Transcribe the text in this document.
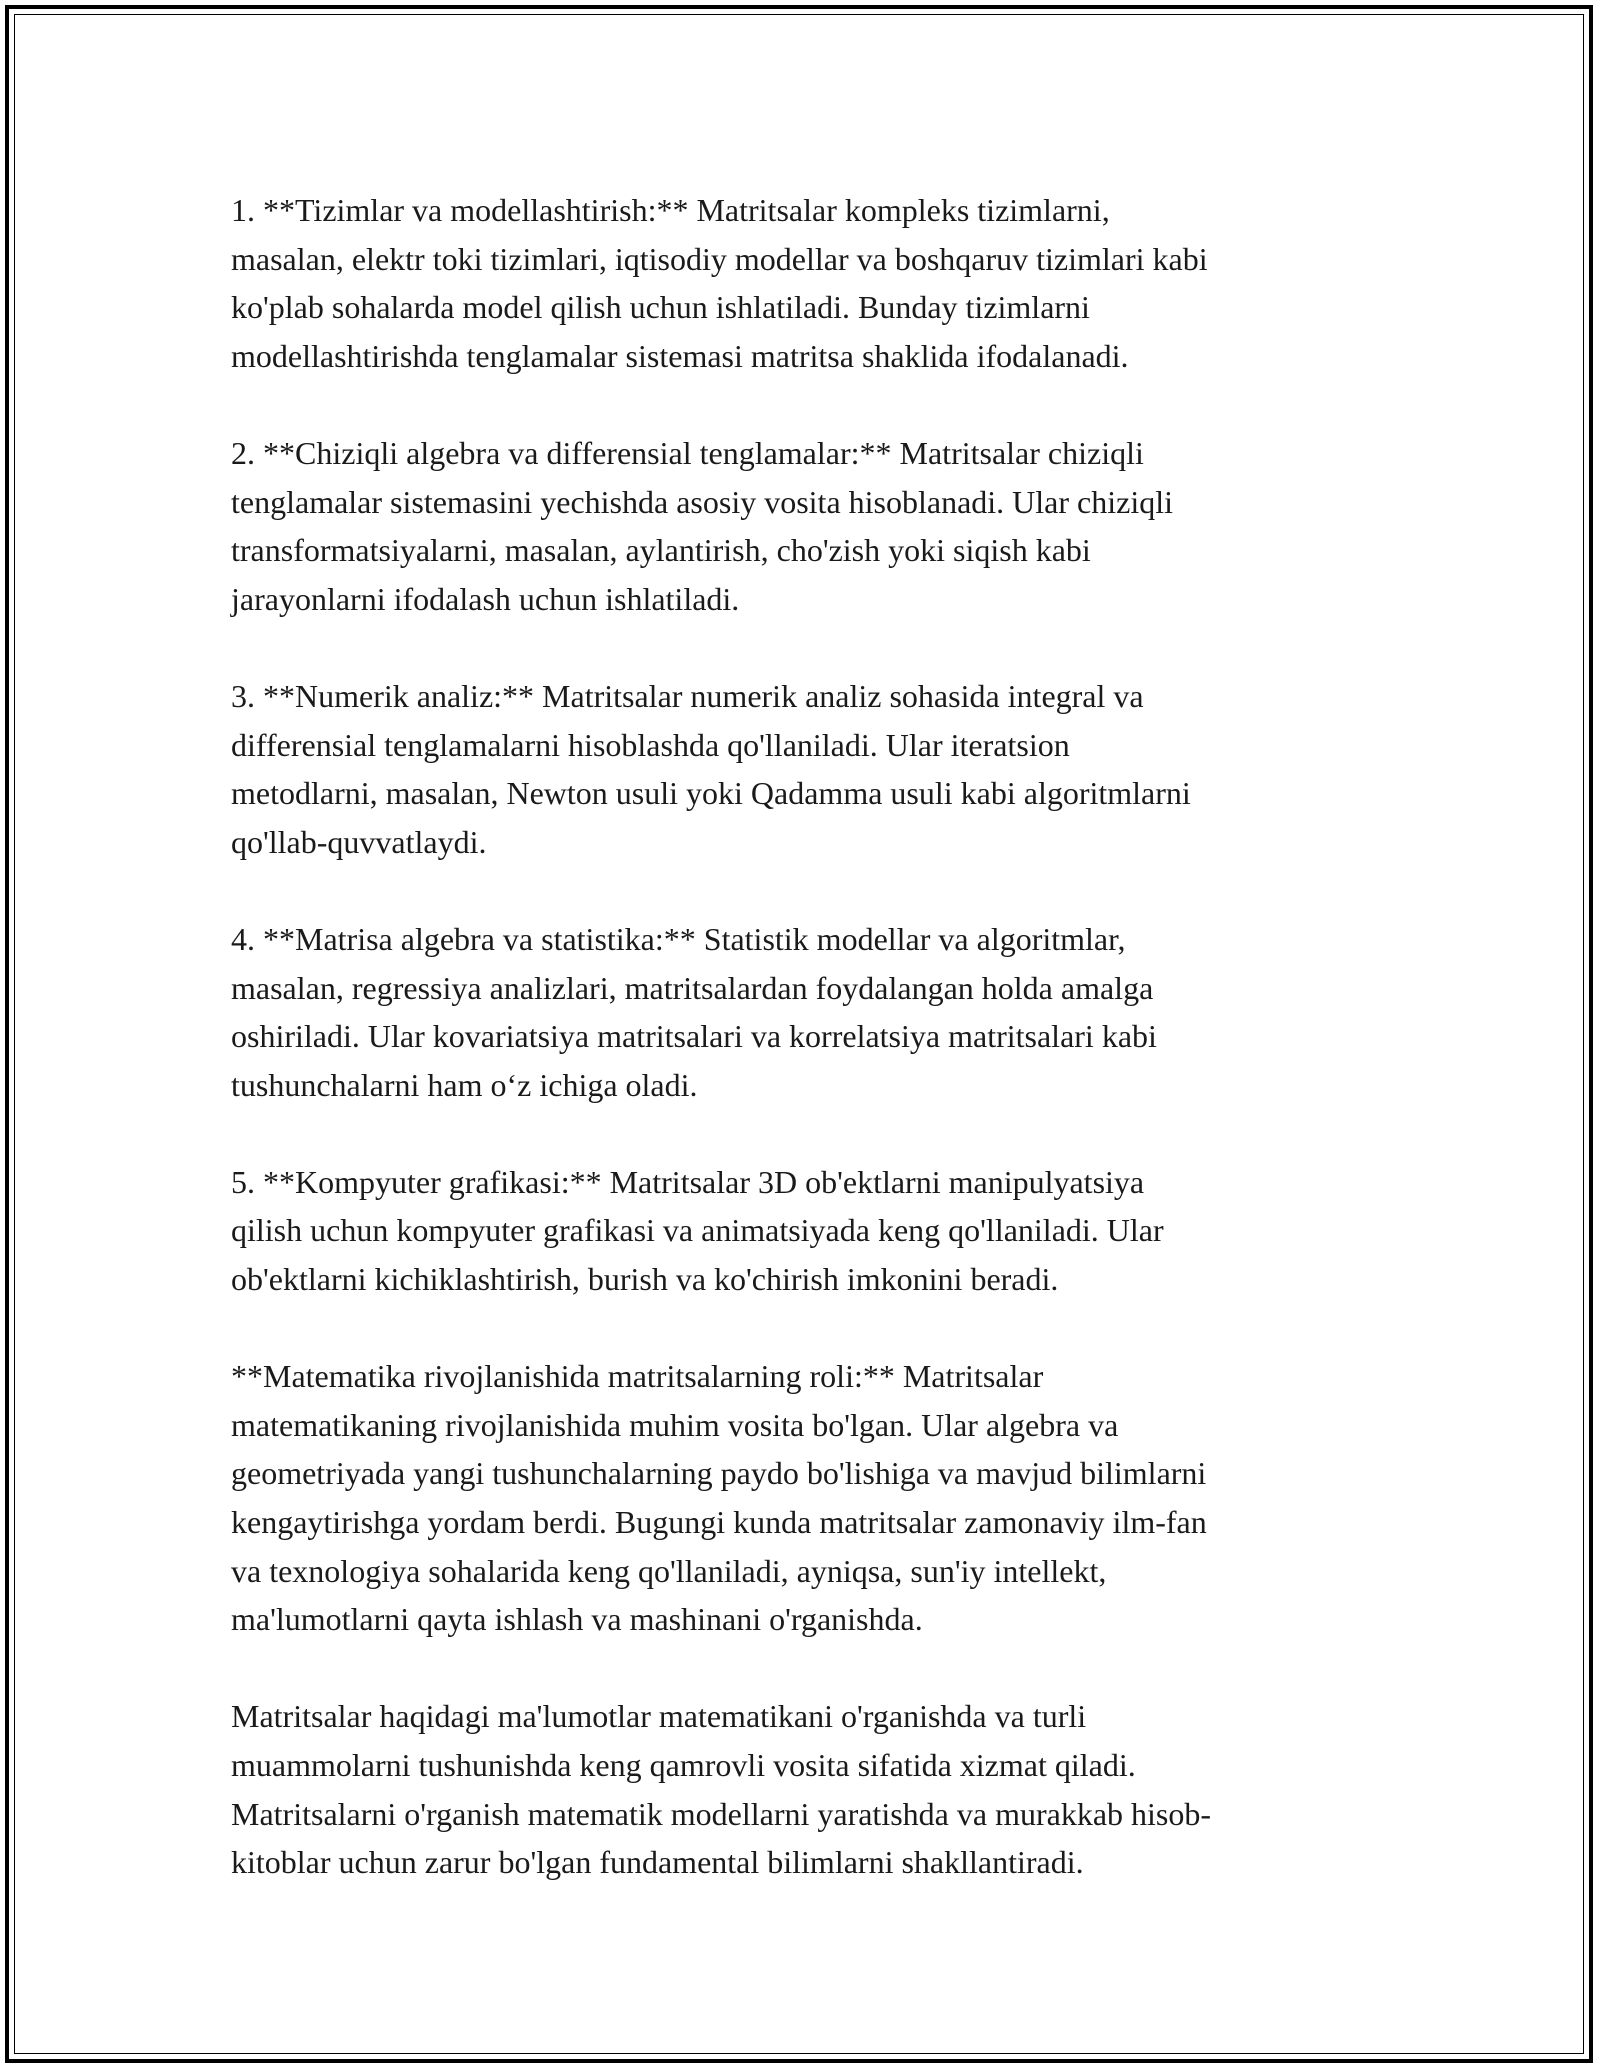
1. **Tizimlar va modellashtirish:** Matritsalar kompleks tizimlarni,
masalan, elektr toki tizimlari, iqtisodiy modellar va boshqaruv tizimlari kabi
ko'plab sohalarda model qilish uchun ishlatiladi. Bunday tizimlarni
modellashtirishda tenglamalar sistemasi matritsa shaklida ifodalanadi.

2. **Chiziqli algebra va differensial tenglamalar:** Matritsalar chiziqli
tenglamalar sistemasini yechishda asosiy vosita hisoblanadi. Ular chiziqli
transformatsiyalarni, masalan, aylantirish, cho'zish yoki siqish kabi
jarayonlarni ifodalash uchun ishlatiladi.

3. **Numerik analiz:** Matritsalar numerik analiz sohasida integral va
differensial tenglamalarni hisoblashda qo'llaniladi. Ular iteratsion
metodlarni, masalan, Newton usuli yoki Qadamma usuli kabi algoritmlarni
qo'llab-quvvatlaydi.

4. **Matrisa algebra va statistika:** Statistik modellar va algoritmlar,
masalan, regressiya analizlari, matritsalardan foydalangan holda amalga
oshiriladi. Ular kovariatsiya matritsalari va korrelatsiya matritsalari kabi
tushunchalarni ham o‘z ichiga oladi.

5. **Kompyuter grafikasi:** Matritsalar 3D ob'ektlarni manipulyatsiya
qilish uchun kompyuter grafikasi va animatsiyada keng qo'llaniladi. Ular
ob'ektlarni kichiklashtirish, burish va ko'chirish imkonini beradi.

**Matematika rivojlanishida matritsalarning roli:** Matritsalar
matematikaning rivojlanishida muhim vosita bo'lgan. Ular algebra va
geometriyada yangi tushunchalarning paydo bo'lishiga va mavjud bilimlarni
kengaytirishga yordam berdi. Bugungi kunda matritsalar zamonaviy ilm-fan
va texnologiya sohalarida keng qo'llaniladi, ayniqsa, sun'iy intellekt,
ma'lumotlarni qayta ishlash va mashinani o'rganishda.

Matritsalar haqidagi ma'lumotlar matematikani o'rganishda va turli
muammolarni tushunishda keng qamrovli vosita sifatida xizmat qiladi.
Matritsalarni o'rganish matematik modellarni yaratishda va murakkab hisob-
kitoblar uchun zarur bo'lgan fundamental bilimlarni shakllantiradi.
